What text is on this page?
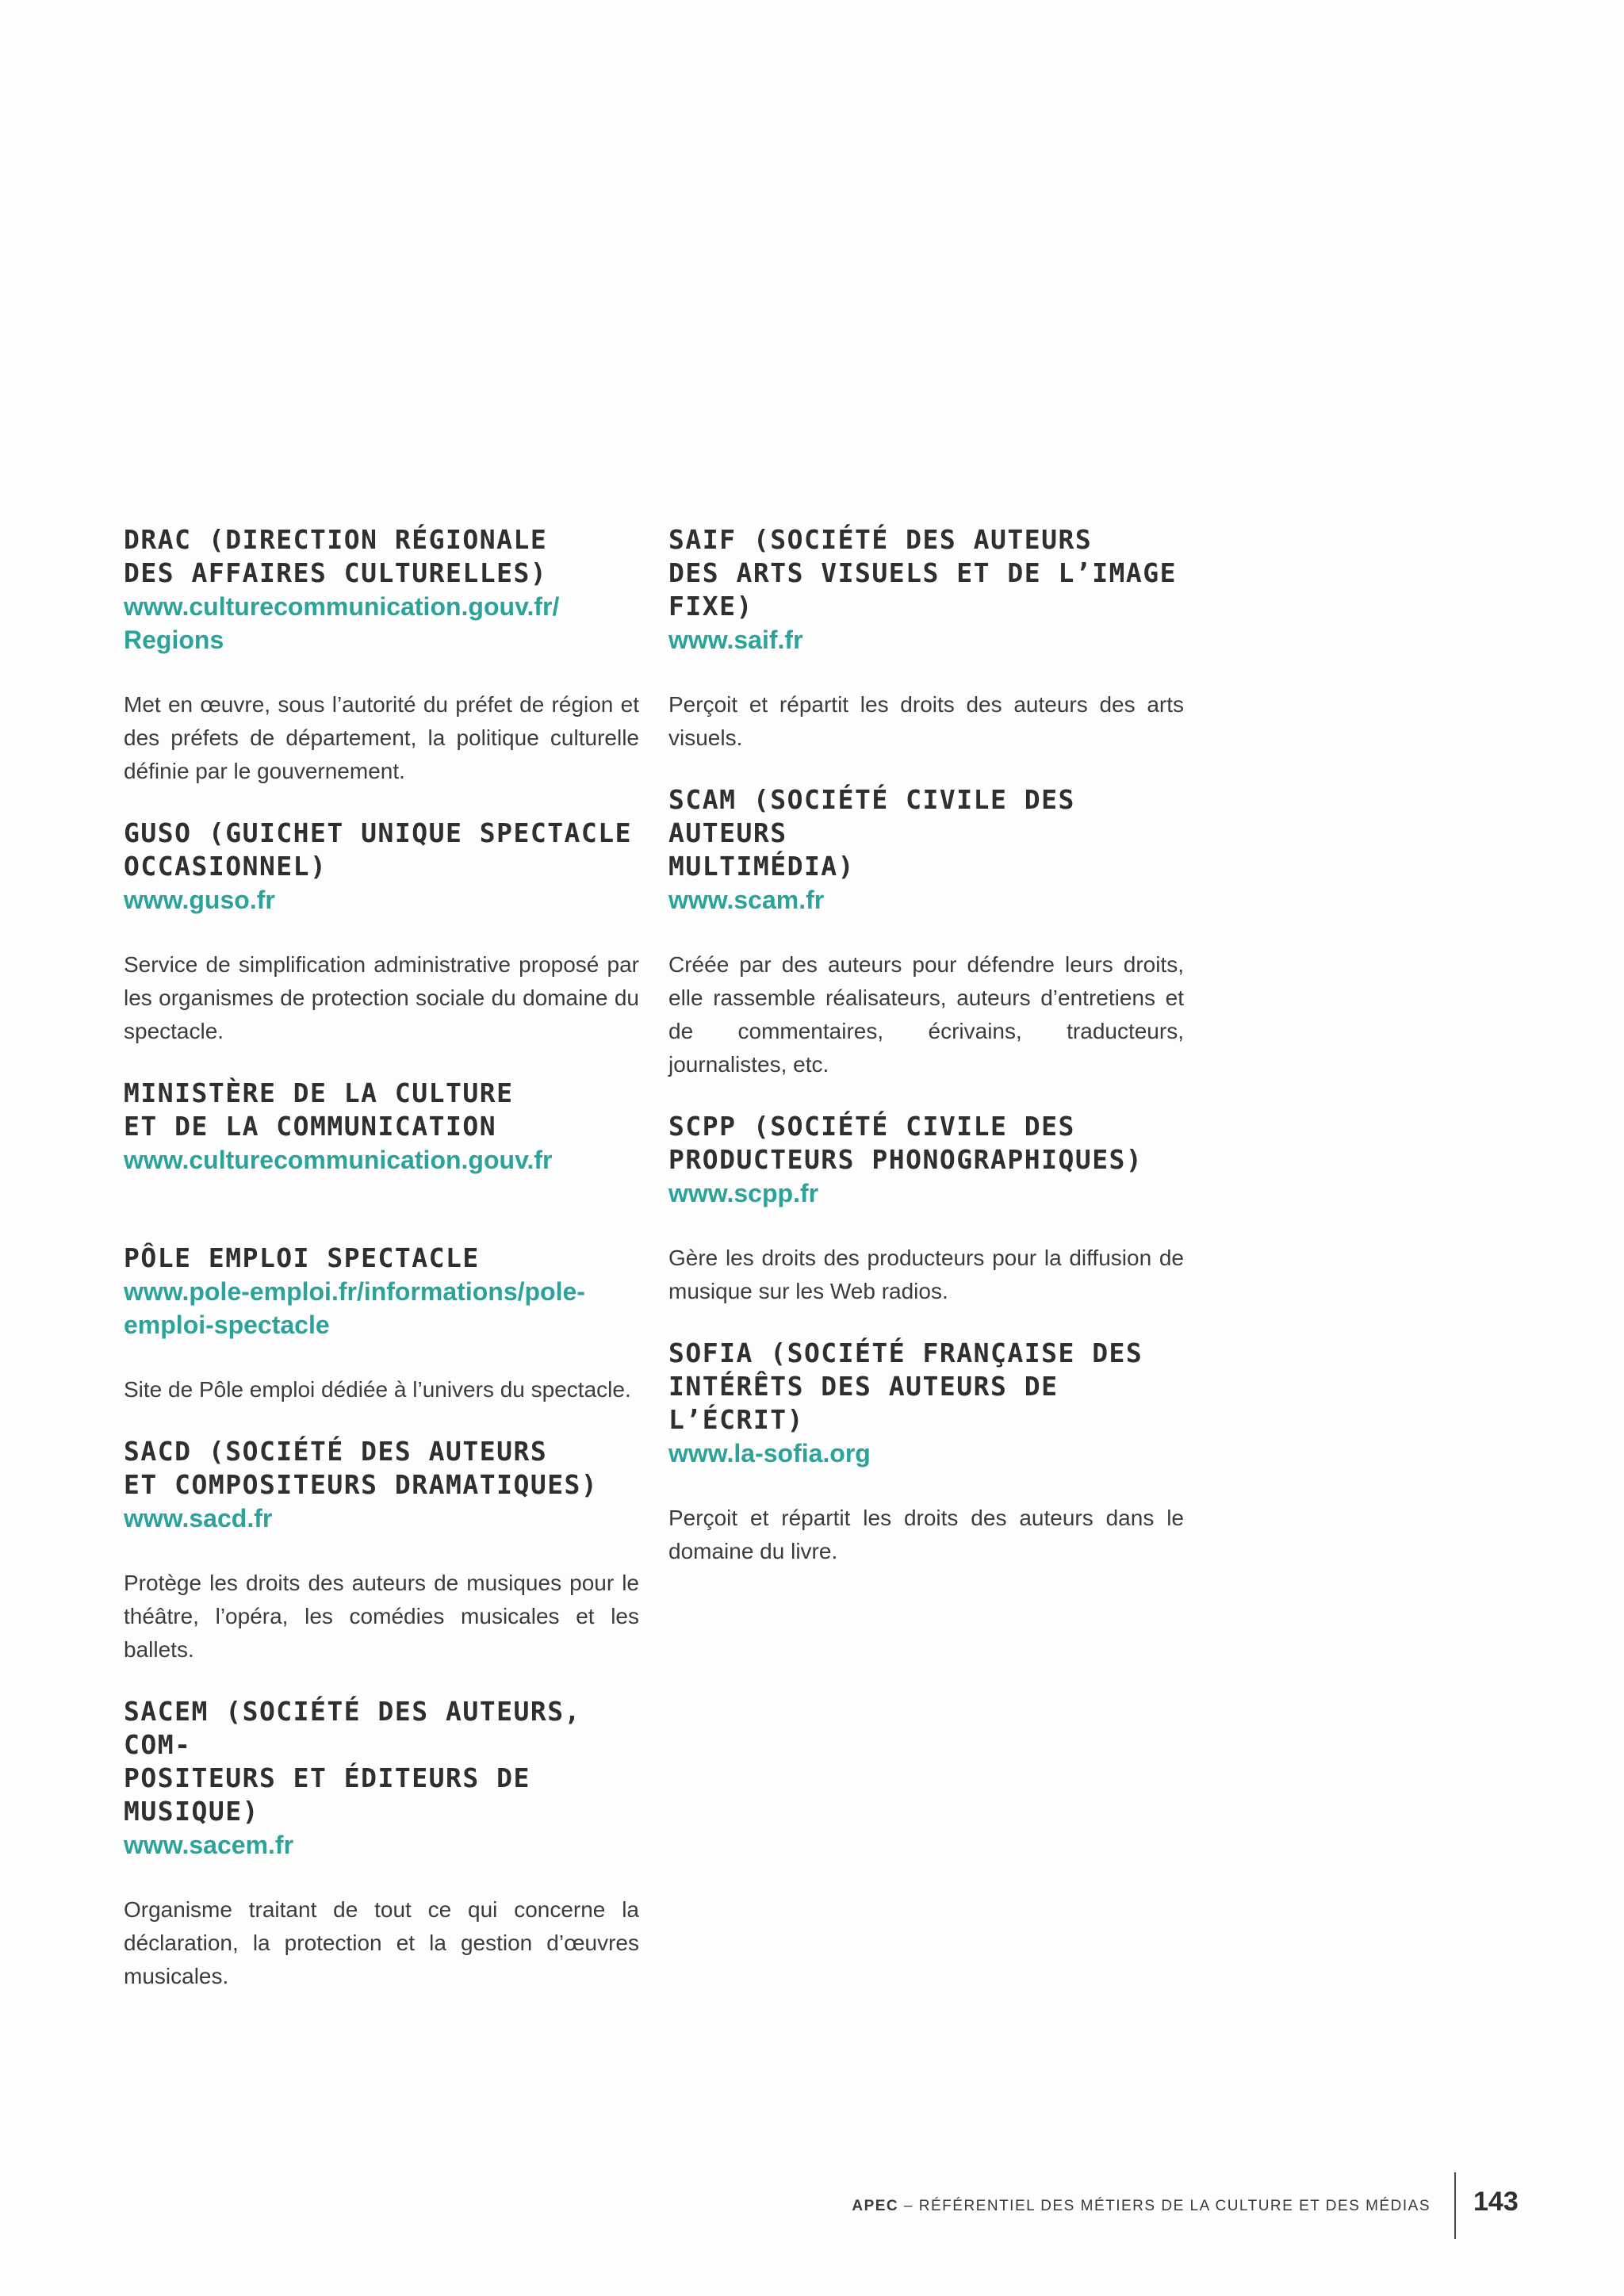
DRAC (DIRECTION RÉGIONALE
DES AFFAIRES CULTURELLES)
www.culturecommunication.gouv.fr/
Regions

Met en œuvre, sous l’autorité du préfet de région et des préfets de département, la politique culturelle définie par le gouvernement.

GUSO (GUICHET UNIQUE SPECTACLE
OCCASIONNEL)
www.guso.fr

Service de simplification administrative proposé par les organismes de protection sociale du domaine du spectacle.

MINISTÈRE DE LA CULTURE
ET DE LA COMMUNICATION
www.culturecommunication.gouv.fr
PÔLE EMPLOI SPECTACLE
www.pole-emploi.fr/informations/pole-
emploi-spectacle

Site de Pôle emploi dédiée à l’univers du spectacle.

SACD (SOCIÉTÉ DES AUTEURS
ET COMPOSITEURS DRAMATIQUES)
www.sacd.fr

Protège les droits des auteurs de musiques pour le théâtre, l’opéra, les comédies musicales et les ballets.

SACEM (SOCIÉTÉ DES AUTEURS, COM-
POSITEURS ET ÉDITEURS DE MUSIQUE)
www.sacem.fr

Organisme traitant de tout ce qui concerne la déclaration, la protection et la gestion d’œuvres musicales.

SAIF (SOCIÉTÉ DES AUTEURS
DES ARTS VISUELS ET DE L’IMAGE
FIXE)
www.saif.fr

Perçoit et répartit les droits des auteurs des arts visuels.

SCAM (SOCIÉTÉ CIVILE DES AUTEURS
MULTIMÉDIA)
www.scam.fr

Créée par des auteurs pour défendre leurs droits, elle rassemble réalisateurs, auteurs d’entretiens et de commentaires, écrivains, traducteurs, journalistes, etc.

SCPP (SOCIÉTÉ CIVILE DES
PRODUCTEURS PHONOGRAPHIQUES)
www.scpp.fr

Gère les droits des producteurs pour la diffusion de musique sur les Web radios.

SOFIA (SOCIÉTÉ FRANÇAISE DES
INTÉRÊTS DES AUTEURS DE L’ÉCRIT)
www.la-sofia.org

Perçoit et répartit les droits des auteurs dans le domaine du livre.

APEC – RÉFÉRENTIEL DES MÉTIERS DE LA CULTURE ET DES MÉDIAS 143
